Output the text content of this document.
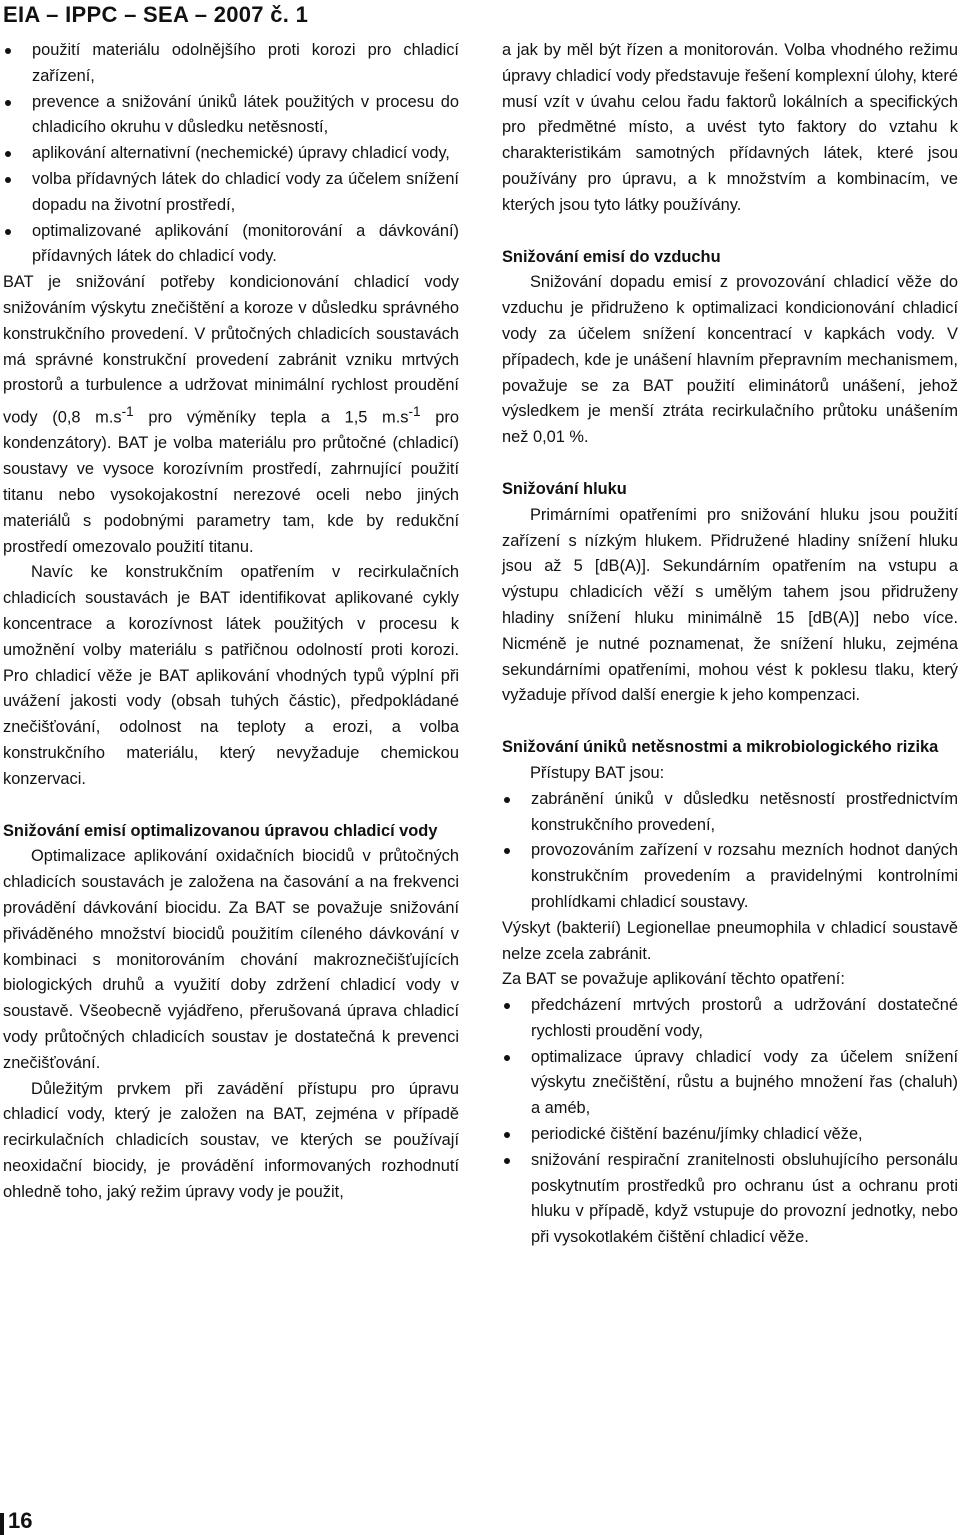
EIA – IPPC – SEA – 2007 č. 1
použití materiálu odolnějšího proti korozi pro chladicí zařízení,
prevence a snižování úniků látek použitých v procesu do chladicího okruhu v důsledku netěsností,
aplikování alternativní (nechemické) úpravy chladicí vody,
volba přídavných látek do chladicí vody za účelem snížení dopadu na životní prostředí,
optimalizované aplikování (monitorování a dávkování) přídavných látek do chladicí vody.

BAT je snižování potřeby kondicionování chladicí vody snižováním výskytu znečištění a koroze v důsledku správného konstrukčního provedení. V průtočných chladicích soustavách má správné konstrukční provedení zabránit vzniku mrtvých prostorů a turbulence a udržovat minimální rychlost proudění vody (0,8 $m.s^{-1}$ pro výměníky tepla a 1,5 $m.s^{-1}$ pro kondenzátory). BAT je volba materiálu pro průtočné (chladicí) soustavy ve vysoce korozívním prostředí, zahrnující použití titanu nebo vysokojakostní nerezové oceli nebo jiných materiálů s podobnými parametry tam, kde by redukční prostředí omezovalo použití titanu.

Navíc ke konstrukčním opatřením v recirkulačních chladicích soustavách je BAT identifikovat aplikované cykly koncentrace a korozívnost látek použitých v procesu k umožnění volby materiálu s patřičnou odolností proti korozi. Pro chladicí věže je BAT aplikování vhodných typů výplní při uvážení jakosti vody (obsah tuhých částic), předpokládané znečišťování, odolnost na teploty a erozi, a volba konstrukčního materiálu, který nevyžaduje chemickou konzervaci.

Snižování emisí optimalizovanou úpravou chladicí vody

Optimalizace aplikování oxidačních biocidů v průtočných chladicích soustavách je založena na časování a na frekvenci provádění dávkování biocidu. Za BAT se považuje snižování přiváděného množství biocidů použitím cíleného dávkování v kombinaci s monitorováním chování makroznečišťujících biologických druhů a využití doby zdržení chladicí vody v soustavě. Všeobecně vyjádřeno, přerušovaná úprava chladicí vody průtočných chladicích soustav je dostatečná k prevenci znečišťování.

Důležitým prvkem při zavádění přístupu pro úpravu chladicí vody, který je založen na BAT, zejména v případě recirkulačních chladicích soustav, ve kterých se používají neoxidační biocidy, je provádění informovaných rozhodnutí ohledně toho, jaký režim úpravy vody je použit,

a jak by měl být řízen a monitorován. Volba vhodného režimu úpravy chladicí vody představuje řešení komplexní úlohy, které musí vzít v úvahu celou řadu faktorů lokálních a specifických pro předmětné místo, a uvést tyto faktory do vztahu k charakteristikám samotných přídavných látek, které jsou používány pro úpravu, a k množstvím a kombinacím, ve kterých jsou tyto látky používány.

Snižování emisí do vzduchu

Snižování dopadu emisí z provozování chladicí věže do vzduchu je přidruženo k optimalizaci kondicionování chladicí vody za účelem snížení koncentrací v kapkách vody. V případech, kde je unášení hlavním přepravním mechanismem, považuje se za BAT použití eliminátorů unášení, jehož výsledkem je menší ztráta recirkulačního průtoku unášením než 0,01 %.

Snižování hluku

Primárními opatřeními pro snižování hluku jsou použití zařízení s nízkým hlukem. Přidružené hladiny snížení hluku jsou až 5 [dB(A)]. Sekundárním opatřením na vstupu a výstupu chladicích věží s umělým tahem jsou přidruženy hladiny snížení hluku minimálně 15 [dB(A)] nebo více. Nicméně je nutné poznamenat, že snížení hluku, zejména sekundárními opatřeními, mohou vést k poklesu tlaku, který vyžaduje přívod další energie k jeho kompenzaci.

Snižování úniků netěsnostmi a mikrobiologického rizika

Přístupy BAT jsou:

zabránění úniků v důsledku netěsností prostřednictvím konstrukčního provedení,
provozováním zařízení v rozsahu mezních hodnot daných konstrukčním provedením a pravidelnými kontrolními prohlídkami chladicí soustavy.

Výskyt (bakterií) Legionellae pneumophila v chladicí soustavě nelze zcela zabránit.

Za BAT se považuje aplikování těchto opatření:

předcházení mrtvých prostorů a udržování dostatečné rychlosti proudění vody,
optimalizace úpravy chladicí vody za účelem snížení výskytu znečištění, růstu a bujného množení řas (chaluh) a améb,
periodické čištění bazénu/jímky chladicí věže,
snižování respirační zranitelnosti obsluhujícího personálu poskytnutím prostředků pro ochranu úst a ochranu proti hluku v případě, když vstupuje do provozní jednotky, nebo při vysokotlakém čištění chladicí věže.
16
